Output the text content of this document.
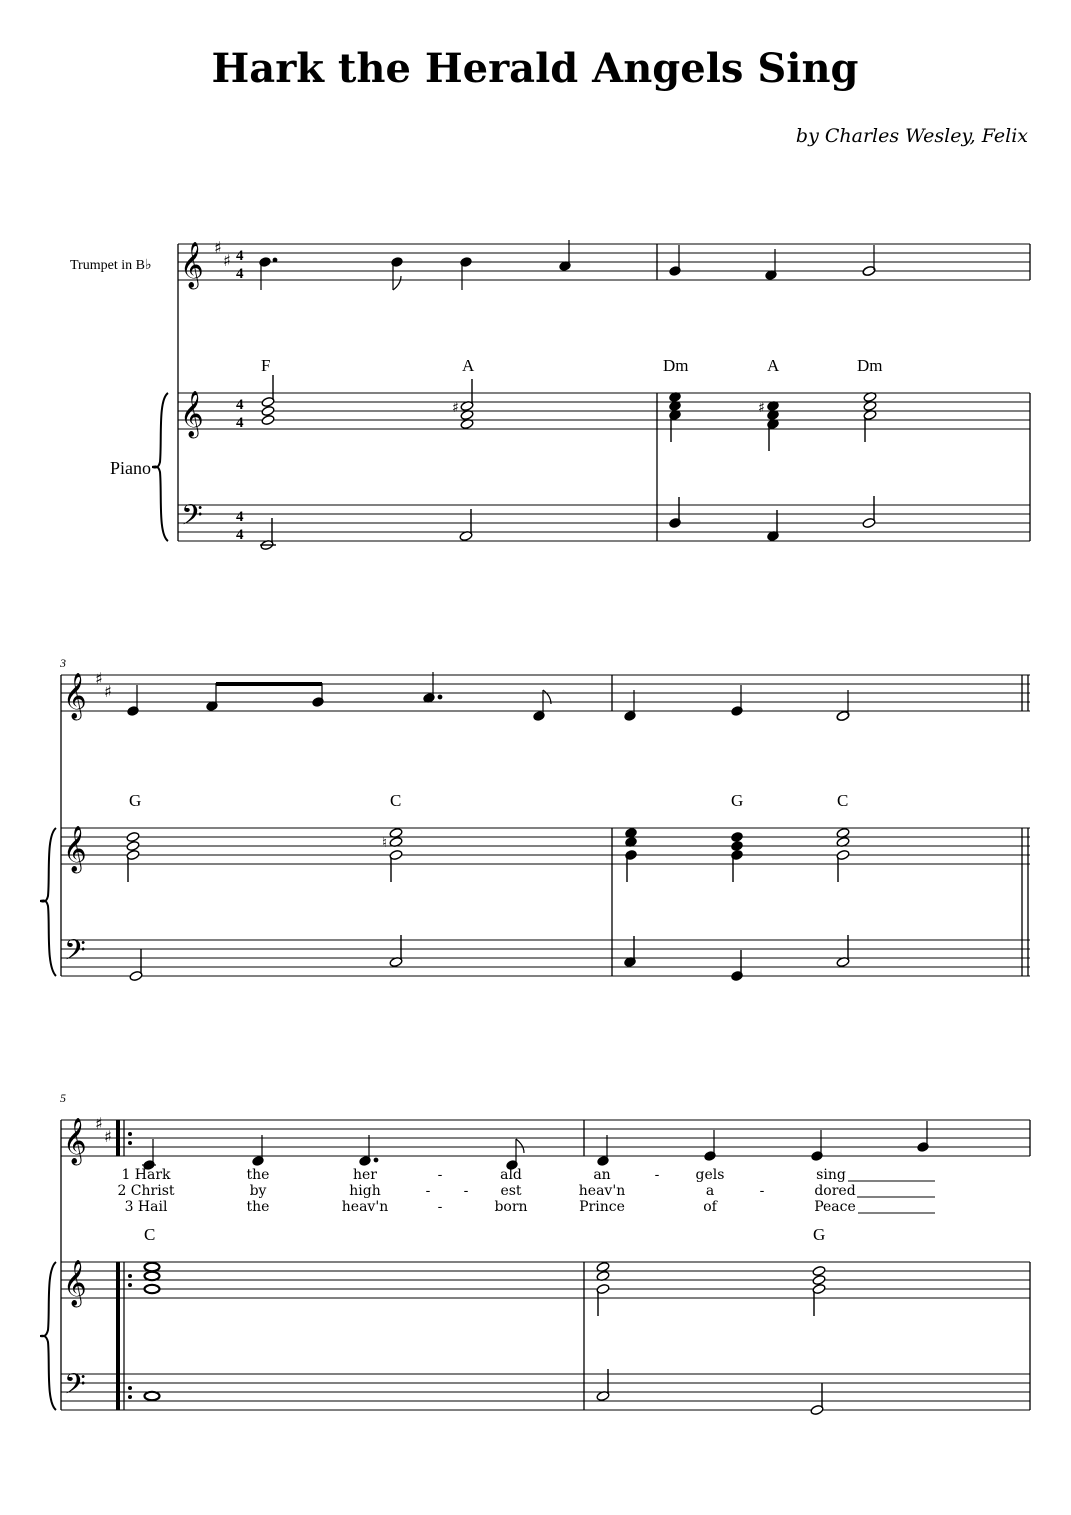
Hark the Herald Angels Sing
by Charles Wesley, Felix
Trumpet in B♭
Piano
𝄞
𝄞
𝄢
♯
♯ 4
4
4
4
4
4
F	A	Dm	A	Dm
♯	♯
3
𝄞
𝄞
𝄢
♯
♯
G	C	G	C
♮
5
𝄞
𝄞
𝄢
♯
♯
C	G
1 Hark	the	her	-	ald	an	-	gels	sing
2 Christ	by	high	- - est	heav'n	a	-	dored
3 Hail	the	heav'n	-	born	Prince	of	Peace
